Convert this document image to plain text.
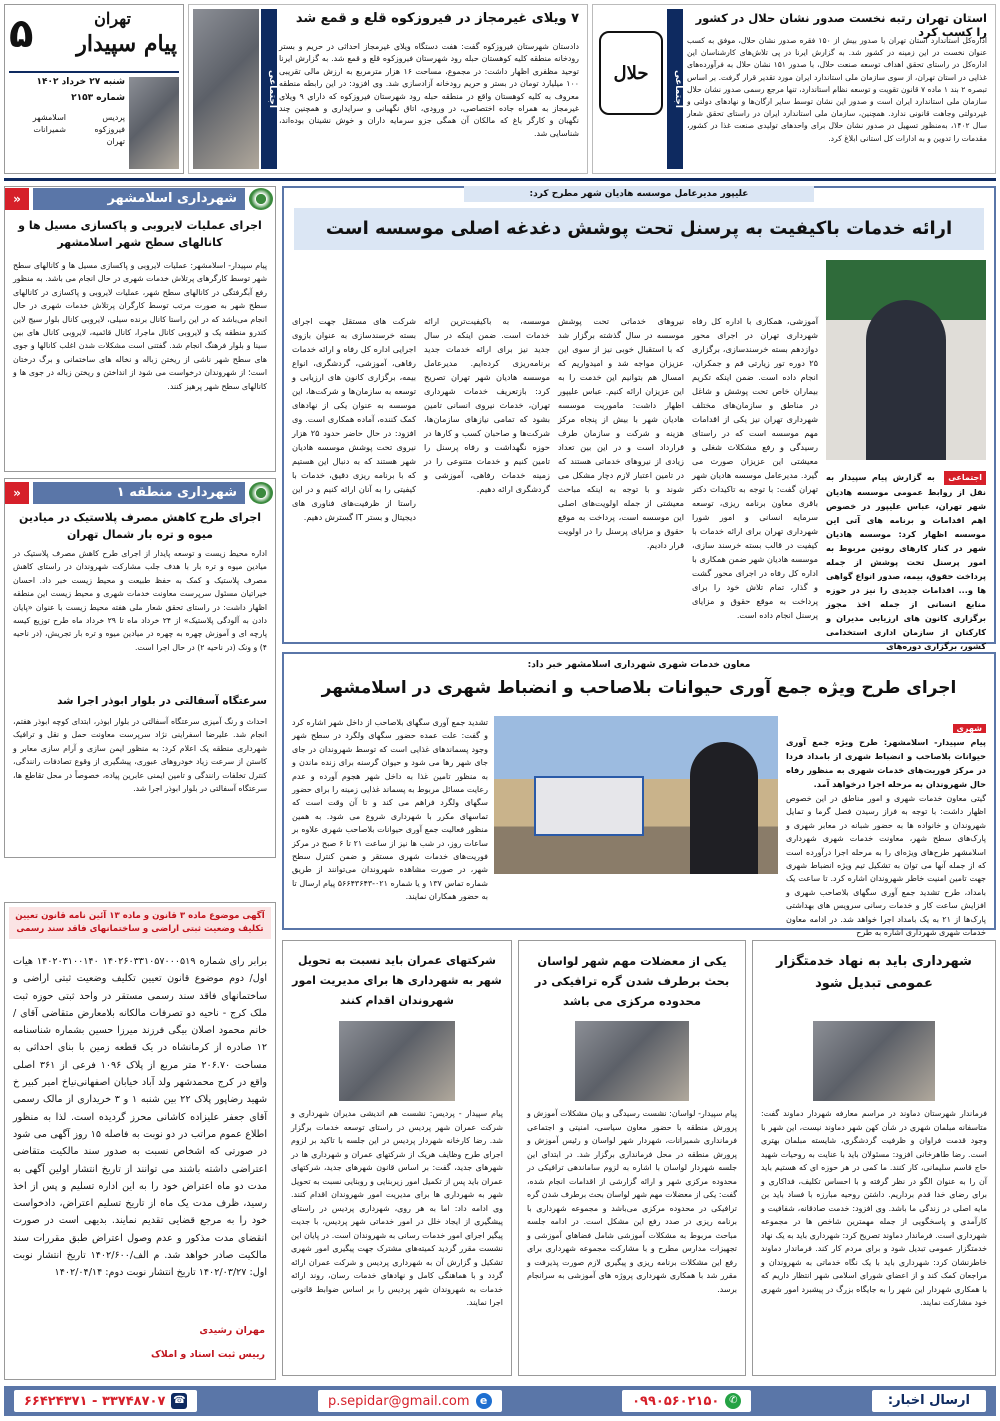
۵	تهران
پیام سپیدار
شنبه ۲۷ خرداد ۱۴۰۲
شماره ۲۱۵۳
پردیس
اسلامشهر
فیروزکوه
شمیرانات
تهران
اجتماعی
۷ ویلای غیرمجاز در فیروزکوه قلع و قمع شد
دادستان شهرستان فیروزکوه گفت: هفت دستگاه ویلای غیرمجاز احداثی در حریم و بستر رودخانه منطقه کلیه کوهستان حبله رود شهرستان فیروزکوه قلع و قمع شد. به گزارش ایرنا توحید مظفری اظهار داشت: در مجموع، مساحت ۱۶ هزار مترمربع به ارزش مالی تقریبی ۱۰۰ میلیارد تومان در بستر و حریم رودخانه آزادسازی شد. وی افزود: در این رابطه منطقه معروف به کلیه کوهستان واقع در منطقه حبله رود شهرستان فیروزکوه که دارای ۹ ویلای غیرمجاز به همراه جاده اختصاصی، در ورودی، اتاق نگهبانی و سرایداری و همچنین چند نگهبان و کارگر باغ که مالکان آن همگی جزو سرمایه داران و خوش نشینان بوده‌اند، شناسایی شد.
حلال	اجتماعی
استان تهران رتبه نخست صدور نشان حلال در کشور را کسب کرد
اداره‌کل استاندارد استان تهران با صدور بیش از ۱۵۰ فقره صدور نشان حلال، موفق به کسب عنوان نخست در این زمینه در کشور شد. به گزارش ایرنا در پی تلاش‌های کارشناسان این اداره‌کل در راستای تحقق اهداف توسعه صنعت حلال، با صدور ۱۵۱ نشان حلال به فرآورده‌های غذایی در استان تهران، از سوی سازمان ملی استاندارد ایران مورد تقدیر قرار گرفت. بر اساس تبصره ۲ بند ۱ ماده ۷ قانون تقویت و توسعه نظام استاندارد، تنها مرجع رسمی صدور نشان حلال سازمان ملی استاندارد ایران است و صدور این نشان توسط سایر ارگان‌ها و نهادهای دولتی و غیردولتی وجاهت قانونی ندارد. همچنین، سازمان ملی استاندارد ایران در راستای تحقق شعار سال ۱۴۰۲، به‌منظور تسهیل در صدور نشان حلال برای واحدهای تولیدی صنعت غذا در کشور، مقدمات را تدوین و به ادارات کل استانی ابلاغ کرد.
علیپور مدیرعامل موسسه هادیان شهر مطرح کرد:
ارائه خدمات باکیفیت به پرسنل تحت پوشش دغدغه اصلی موسسه است
اجتماعی به گزارش پیام سپیدار به نقل از روابط عمومی موسسه هادیان شهر تهران، عباس علیپور در خصوص اهم اقدامات و برنامه های آتی این موسسه اظهار کرد: موسسه هادیان شهر در کنار کارهای روتین مربوط به امور پرسنل تحت پوشش از جمله پرداخت حقوق، بیمه، صدور انواع گواهی ها و... اقدامات جدیدی را نیز در حوزه منابع انسانی از جمله اخذ مجوز برگزاری کانون های ارزیابی مدیران و کارکنان از سازمان اداری استخدامی کشور، برگزاری دوره‌های
آموزشی، همکاری با اداره کل رفاه شهرداری تهران در اجرای محور دوازدهم بسته خرسندسازی، برگزاری ۲۵ دوره تور زیارتی قم و جمکران، انجام داده است. ضمن اینکه تکریم بیماران خاص تحت پوشش و شاغل در مناطق و سازمان‌های مختلف شهرداری تهران نیز یکی از اقدامات مهم موسسه است که در راستای رسیدگی و رفع مشکلات شغلی و معیشتی این عزیزان صورت می گیرد. مدیرعامل موسسه هادیان شهر تهران گفت: با توجه به تاکیدات دکتر باقری معاون برنامه ریزی، توسعه سرمایه انسانی و امور شورا شهرداری تهران برای ارائه خدمات با کیفیت در قالب بسته خرسند سازی، موسسه هادیان شهر ضمن همکاری با اداره کل رفاه در اجرای محور گشت و گذار، تمام تلاش خود را برای پرداخت به موقع حقوق و مزایای پرسنل انجام داده است.
نیروهای خدماتی تحت پوشش موسسه در سال گذشته برگزار شد که با استقبال خوبی نیز از سوی این عزیزان مواجه شد و امیدواریم که امسال هم بتوانیم این خدمت را به این عزیزان ارائه کنیم. عباس علیپور اظهار داشت: ماموریت موسسه هادیان شهر با بیش از پنجاه مرکز هزینه و شرکت و سازمان طرف قرارداد است و در این بین تعداد زیادی از نیروهای خدماتی هستند که در تامین اعتبار لازم دچار مشکل می شوند و با توجه به اینکه مباحث معیشتی از جمله اولویت‌های اصلی این موسسه است، پرداخت به موقع حقوق و مزایای پرسنل را در اولویت قرار دادیم.
موسسه، به باکیفیت‌ترین ارائه خدمات است. ضمن اینکه در سال جدید نیز برای ارائه خدمات جدید برنامه‌ریزی کرده‌ایم. مدیرعامل موسسه هادیان شهر تهران تصریح کرد: بازتعریف خدمات شهرداری تهران، خدمات نیروی انسانی تامین بشود که تمامی نیازهای سازمان‌ها، شرکت‌ها و صاحبان کسب و کارها در حوزه نگهداشت و رفاه پرسنل را تامین کنیم و خدمات متنوعی را در زمینه خدمات رفاهی، آموزشی و گردشگری ارائه دهیم.
شرکت های مستقل جهت اجرای بسته خرسندسازی به عنوان بازوی اجرایی اداره کل رفاه و ارائه خدمات رفاهی، آموزشی، گردشگری، انواع بیمه، برگزاری کانون های ارزیابی و توسعه به سازمان‌ها و شرکت‌ها، این موسسه به عنوان یکی از نهادهای کمک کننده، آماده همکاری است. وی افزود: در حال حاضر حدود ۲۵ هزار نیروی تحت پوشش موسسه هادیان شهر هستند که به دنبال این هستیم که با برنامه ریزی دقیق، خدمات با کیفیتی را به آنان ارائه کنیم و در این راستا از ظرفیت‌های فناوری های دیجیتال و بستر IT گسترش دهیم.
شهرداری اسلامشهر
«
اجرای عملیات لایروبی و پاکسازی مسیل ها و کانالهای سطح شهر اسلامشهر
پیام سپیدار- اسلامشهر: عملیات لایروبی و پاکسازی مسیل ها و کانالهای سطح شهر توسط کارگرهای پرتلاش خدمات شهری در حال انجام می باشد. به منظور رفع آبگرفتگی در کانالهای سطح شهر، عملیات لایروبی و پاکسازی در کانالهای سطح شهر به صورت مرتب توسط کارگران پرتلاش خدمات شهری در حال انجام می‌باشد که در این راستا کانال برنده سیلی، لایروبی کانال بلوار سیج لاین کندرو منطقه یک و لایروبی کانال ماجرا، کانال قائمیه، لایروبی کانال های بین سینا و بلوار فرهنگ انجام شد. گفتنی است مشکلات شدن اغلب کانالها و جوی های سطح شهر ناشی از ریختن زباله و نخاله های ساختمانی و برگ درختان است؛ از شهروندان درخواست می شود از انداختن و ریختن زباله در جوی ها و کانالهای سطح شهر پرهیز کنند.
شهرداری منطقه ۱
«
اجرای طرح کاهش مصرف پلاستیک در میادین میوه و تره بار شمال تهران
اداره محیط زیست و توسعه پایدار از اجرای طرح کاهش مصرف پلاستیک در میادین میوه و تره بار با هدف جلب مشارکت شهروندان در راستای کاهش مصرف پلاستیک و کمک به حفظ طبیعت و محیط زیست خبر داد. احسان خیراتیان مسئول سرپرست معاونت خدمات شهری و محیط زیست این منطقه اظهار داشت: در راستای تحقق شعار ملی هفته محیط زیست با عنوان «پایان دادن به آلودگی پلاستیک» از ۲۴ خرداد ماه تا ۲۹ خرداد ماه طرح توزیع کیسه پارچه ای و آموزش چهره به چهره در میادین میوه و تره بار تجریش، (در ناحیه ۴) و ونک (در ناحیه ۲) در حال اجرا است.
سرعتگاه آسفالتی در بلوار ابوذر اجرا شد
احداث و رنگ آمیزی سرعتگاه آسفالتی در بلوار ابوذر، ابتدای کوچه ابوذر هفتم، انجام شد. علیرضا اسفراینی نژاد سرپرست معاونت حمل و نقل و ترافیک شهرداری منطقه یک اعلام کرد: به منظور ایمن سازی و آرام سازی معابر و کاستن از سرعت زیاد خودروهای عبوری، پیشگیری از وقوع تصادفات رانندگی، کنترل تخلفات رانندگی و تامین ایمنی عابرین پیاده، خصوصاً در محل تقاطع ها، سرعتگاه آسفالتی در بلوار ابوذر اجرا شد.
آگهی موضوع ماده ۳ قانون و ماده ۱۳ آئین نامه قانون تعیین تکلیف وضعیت ثبتی اراضی و ساختمانهای فاقد سند رسمی
برابر رای شماره ۱۴۰۲۶۰۳۳۱۰۵۷۰۰۰۵۱۹ ۱۴۰۲۰۳۱۰۰۱۴۰ هیات اول/ دوم موضوع قانون تعیین تکلیف وضعیت ثبتی اراضی و ساختمانهای فاقد سند رسمی مستقر در واحد ثبتی حوزه ثبت ملک کرج - ناحیه دو تصرفات مالکانه بلامعارض متقاضی آقای / خانم محمود اصلان بیگی فرزند میرزا حسین بشماره شناسنامه ۱۲ صادره از کرمانشاه در یک قطعه زمین با بنای احداثی به مساحت ۲۰۶.۷۰ متر مربع از پلاک ۱۰۹۶ فرعی از ۳۶۱ اصلی واقع در کرج محمدشهر ولد آباد خیابان اصفهانی‌نیاخ امیر کبیر خ شهید رضاپور پلاک ۲۲ بین شنبه ۱ و ۳ خریداری از مالک رسمی آقای جعفر علیزاده کاشانی محرز گردیده است. لذا به منظور اطلاع عموم مراتب در دو نوبت به فاصله ۱۵ روز آگهی می شود در صورتی که اشخاص نسبت به صدور سند مالکیت متقاضی اعتراضی داشته باشند می توانند از تاریخ انتشار اولین آگهی به مدت دو ماه اعتراض خود را به این اداره تسلیم و پس از اخذ رسید، ظرف مدت یک ماه از تاریخ تسلیم اعتراض، دادخواست خود را به مرجع قضایی تقدیم نمایند. بدیهی است در صورت انقضای مدت مذکور و عدم وصول اعتراض طبق مقررات سند مالکیت صادر خواهد شد. م الف/۱۴۰۲/۶۰۰ تاریخ انتشار نوبت اول: ۱۴۰۲/۰۳/۲۷ تاریخ انتشار نوبت دوم: ۱۴۰۲/۰۴/۱۴
مهران رشیدی
رییس ثبت اسناد و املاک
معاون خدمات شهری شهرداری اسلامشهر خبر داد:
اجرای طرح ویژه جمع آوری حیوانات بلاصاحب و انضباط شهری در اسلامشهر
شهری
پیام سپیدار- اسلامشهر: طرح ویژه جمع آوری حیوانات بلاصاحب و انضباط شهری از بامداد فردا در مرکز فوریت‌های خدمات شهری به منظور رفاه حال شهروندان به مرحله اجرا درخواهد آمد.
گیتی معاون خدمات شهری و امور مناطق در این خصوص اظهار داشت: با توجه به فراز رسیدن فصل گرما و تمایل شهروندان و خانواده ها به حضور شبانه در معابر شهری و پارک‌های سطح شهر، معاونت خدمات شهری شهرداری اسلامشهر طرح‌های ویژه‌ای را به مرحله اجرا درآورده است که از جمله آنها می توان به تشکیل تیم ویژه انضباط شهری جهت تامین امنیت خاطر شهروندان اشاره کرد. تا ساعت یک بامداد، طرح تشدید جمع آوری سگهای بلاصاحب شهری و افزایش ساعت کار و خدمات رسانی سرویس های بهداشتی پارک‌ها از ۲۱ به یک بامداد اجرا خواهد شد. در ادامه معاون خدمات شهری شهرداری اشاره به طرح
تشدید جمع آوری سگهای بلاصاحب از داخل شهر اشاره کرد و گفت: علت عمده حضور سگهای ولگرد در سطح شهر وجود پسماندهای غذایی است که توسط شهروندان در جای جای شهر رها می شود و حیوان گرسنه برای زنده ماندن و به منظور تامین غذا به داخل شهر هجوم آورده و عدم رعایت مسائل مربوط به پسماند غذایی زمینه را برای حضور سگهای ولگرد فراهم می کند و تا آن وقت است که تماسهای مکرر با شهرداری شروع می شود. به همین منظور فعالیت جمع آوری حیوانات بلاصاحب شهری علاوه بر ساعات روز، در شب ها نیز از ساعت ۲۱ تا ۶ صبح در مرکز فوریت‌های خدمات شهری مستقر و ضمن کنترل سطح شهر، در صورت مشاهده شهروندان می‌توانند از طریق شماره تماس ۱۳۷ و یا شماره ۰۲۱-۵۶۶۴۳۶۴۳ پیام ارسال تا به حضور همکاران نمایند.
شهرداری باید به نهاد خدمتگزار عمومی تبدیل شود
فرماندار شهرستان دماوند در مراسم معارفه شهردار دماوند گفت: متاسفانه مبلمان شهری در شأن کهن شهر دماوند نیست، این شهر با وجود قدمت فراوان و ظرفیت گردشگری، شایسته مبلمان بهتری است. رضا طاهرخانی افزود: مسئولان باید با عنایت به روحیات شهید حاج قاسم سلیمانی، کار کنند. ما کمی در هر حوزه ای که هستیم باید آن را به عنوان الگو در نظر گرفته و با احساس تکلیف، فداکاری و برای رضای خدا قدم برداریم. داشتن روحیه مبارزه با فساد باید بن مایه اصلی در زندگی ما باشد. وی افزود: خدمت صادقانه، شفافیت و کارآمدی و پاسخگویی از جمله مهمترین شاخص ها در مجموعه شهرداری است. فرماندار دماوند تصریح کرد: شهرداری باید به یک نهاد خدمتگزار عمومی تبدیل شود و برای مردم کار کند. فرماندار دماوند خاطرنشان کرد: شهرداری باید با یک نگاه خدماتی به شهروندان و مراجعان کمک کند و از اعضای شورای اسلامی شهر انتظار داریم که با همکاری شهردار این شهر را به جایگاه بزرگ در پیشبرد امور شهری خود مشارکت نمایند.
یکی از معضلات مهم شهر لواسان بحث برطرف شدن گره ترافیکی در محدوده مرکزی می باشد
پیام سپیدار- لواسان: نشست رسیدگی و بیان مشکلات آموزش و پرورش منطقه با حضور معاون سیاسی، امنیتی و اجتماعی فرمانداری شمیرانات، شهردار شهر لواسان و رئیس آموزش و پرورش منطقه در محل فرمانداری برگزار شد. در ابتدای این جلسه شهردار لواسان با اشاره به لزوم ساماندهی ترافیکی در محدوده مرکزی شهر و ارائه گزارشی از اقدامات انجام شده، گفت: یکی از معضلات مهم شهر لواسان بحث برطرف شدن گره ترافیکی در محدوده مرکزی می‌باشد و مجموعه شهرداری با برنامه ریزی در صدد رفع این مشکل است. در ادامه جلسه مباحث مربوط به مشکلات آموزشی شامل فضاهای آموزشی و تجهیزات مدارس مطرح و با مشارکت مجموعه شهرداری برای رفع این مشکلات برنامه ریزی و پیگیری لازم صورت پذیرفت و مقرر شد با همکاری شهرداری پروژه های آموزشی به سرانجام برسد.
شرکتهای عمران باید نسبت به تحویل شهر به شهرداری ها برای مدیریت امور شهروندان اقدام کنند
پیام سپیدار - پردیس: نشست هم اندیشی مدیران شهرداری و شرکت عمران شهر پردیس در راستای توسعه خدمات برگزار شد. رضا کارخانه شهردار پردیس در این جلسه با تاکید بر لزوم اجرای طرح وظایف هریک از شرکتهای عمران و شهرداری ها در شهرهای جدید، گفت: بر اساس قانون شهرهای جدید، شرکتهای عمران باید پس از تکمیل امور زیربنایی و روبنایی نسبت به تحویل شهر به شهرداری ها برای مدیریت امور شهروندان اقدام کنند. وی ادامه داد: اما به هر روی، شهرداری پردیس در راستای پیشگیری از ایجاد خلل در امور خدماتی شهر پردیس، با جدیت پیگیر اجرای امور خدمات رسانی به شهروندان است. در پایان این نشست مقرر گردید کمیته‌های مشترک جهت پیگیری امور شهری تشکیل و گزارش آن به شهرداری پردیس و شرکت عمران ارائه گردد و با هماهنگی کامل و نهادهای خدمات رسان، روند ارائه خدمات به شهروندان شهر پردیس را بر اساس ضوابط قانونی اجرا نمایند.
ارسال اخبار:
✆
۰۹۹۰۵۶۰۲۱۵۰
e
p.sepidar@gmail.com
☎
۳۳۷۴۸۷۰۷ - ۶۶۴۲۴۳۷۱
